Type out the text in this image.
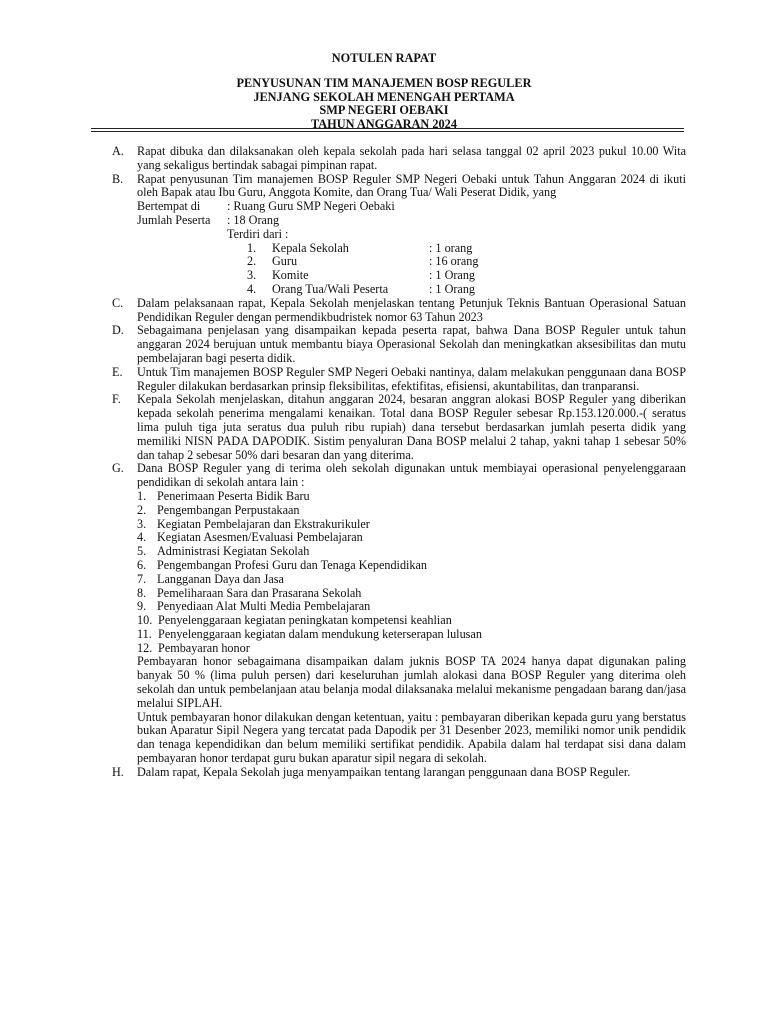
NOTULEN RAPAT
PENYUSUNAN TIM MANAJEMEN BOSP REGULER
JENJANG SEKOLAH MENENGAH PERTAMA
SMP NEGERI OEBAKI
TAHUN ANGGARAN 2024
A.	Rapat dibuka dan dilaksanakan oleh kepala sekolah pada hari selasa tanggal 02 april 2023 pukul 10.00 Wita yang sekaligus bertindak sabagai pimpinan rapat.
B.	Rapat penyusunan Tim manajemen BOSP Reguler SMP Negeri Oebaki untuk Tahun Anggaran 2024 di ikuti oleh Bapak atau Ibu Guru, Anggota Komite, dan Orang Tua/ Wali Peserat Didik, yang

Bertempat di	: Ruang Guru SMP Negeri Oebaki
Jumlah Peserta	: 18 Orang
Terdiri dari :
1.	Kepala Sekolah	: 1 orang
2.	Guru	: 16 orang
3.	Komite	: 1 Orang
4.	Orang Tua/Wali Peserta	: 1 Orang
C.	Dalam pelaksanaan rapat, Kepala Sekolah menjelaskan tentang Petunjuk Teknis Bantuan Operasional Satuan Pendidikan Reguler dengan permendikbudristek nomor 63 Tahun 2023
D.	Sebagaimana penjelasan yang disampaikan kepada peserta rapat, bahwa Dana BOSP Reguler untuk tahun anggaran 2024 berujuan untuk membantu biaya Operasional Sekolah dan meningkatkan aksesibilitas dan mutu pembelajaran bagi peserta didik.
E.	Untuk Tim manajemen BOSP Reguler SMP Negeri Oebaki nantinya, dalam melakukan penggunaan dana BOSP Reguler dilakukan berdasarkan prinsip fleksibilitas, efektifitas, efisiensi, akuntabilitas, dan tranparansi.
F.	Kepala Sekolah menjelaskan, ditahun anggaran 2024, besaran anggran alokasi BOSP Reguler yang diberikan kepada sekolah penerima mengalami kenaikan. Total dana BOSP Reguler sebesar Rp.153.120.000.-( seratus lima puluh tiga juta seratus dua puluh ribu rupiah) dana tersebut berdasarkan jumlah peserta didik yang memiliki NISN PADA DAPODIK. Sistim penyaluran Dana BOSP melalui 2 tahap, yakni tahap 1 sebesar 50% dan tahap 2 sebesar 50% dari besaran dan yang diterima.
G.	Dana BOSP Reguler yang di terima oleh sekolah digunakan untuk membiayai operasional penyelenggaraan pendidikan di sekolah antara lain :

1. Penerimaan Peserta Bidik Baru
2. Pengembangan Perpustakaan
3. Kegiatan Pembelajaran dan Ekstrakurikuler
4. Kegiatan Asesmen/Evaluasi Pembelajaran
5. Administrasi Kegiatan Sekolah
6. Pengembangan Profesi Guru dan Tenaga Kependidikan
7. Langganan Daya dan Jasa
8. Pemeliharaan Sara dan Prasarana Sekolah
9. Penyediaan Alat Multi Media Pembelajaran
10.
Penyelenggaraan kegiatan peningkatan kompetensi keahlian
11.
Penyelenggaraan kegiatan dalam mendukung keterserapan lulusan
12.
Pembayaran honor

Pembayaran honor sebagaimana disampaikan dalam juknis BOSP TA 2024 hanya dapat digunakan paling banyak 50 % (lima puluh persen) dari keseluruhan jumlah alokasi dana BOSP Reguler yang diterima oleh sekolah dan untuk pembelanjaan atau belanja modal dilaksanaka melalui mekanisme pengadaan barang dan/jasa melalui SIPLAH.

Untuk pembayaran honor dilakukan dengan ketentuan, yaitu : pembayaran diberikan kepada guru yang berstatus bukan Aparatur Sipil Negera yang tercatat pada Dapodik per 31 Desenber 2023, memiliki nomor unik pendidik dan tenaga kependidikan dan belum memiliki sertifikat pendidik. Apabila dalam hal terdapat sisi dana dalam pembayaran honor terdapat guru bukan aparatur sipil negara di sekolah.

H.	Dalam rapat, Kepala Sekolah juga menyampaikan tentang larangan penggunaan dana BOSP Reguler.
